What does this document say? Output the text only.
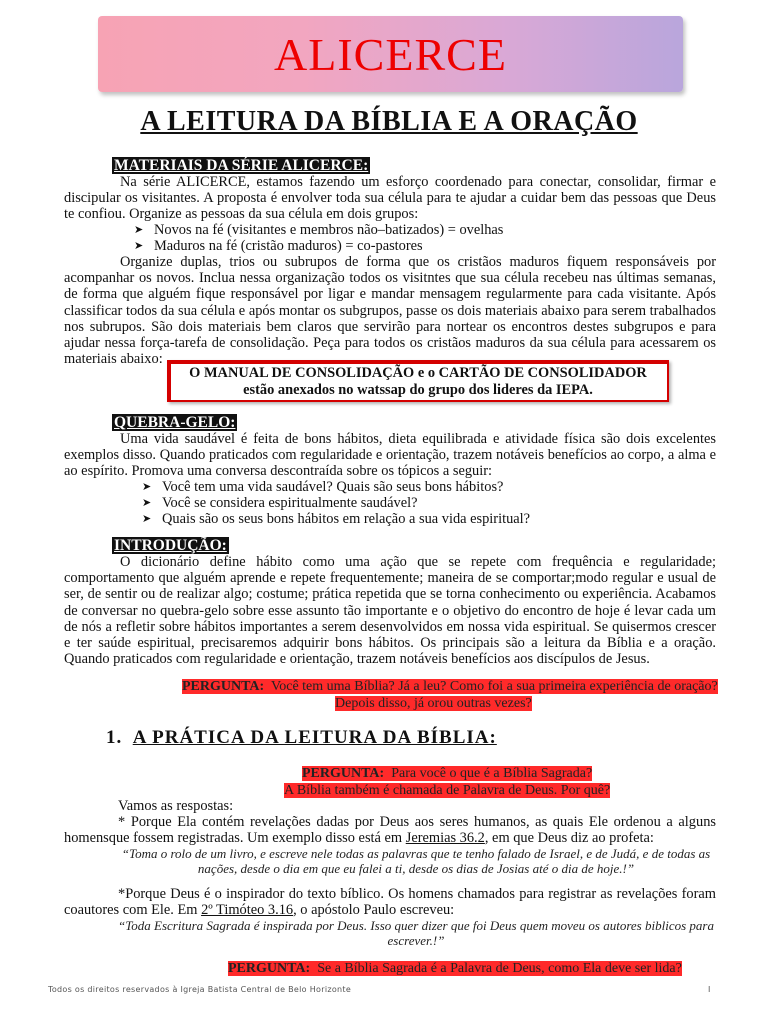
ALICERCE
A LEITURA DA BÍBLIA E A ORAÇÃO
MATERIAIS DA SÉRIE ALICERCE:

Na série ALICERCE, estamos fazendo um esforço coordenado para conectar, consolidar, firmar e discipular os visitantes. A proposta é envolver toda sua célula para te ajudar a cuidar bem das pessoas que Deus te confiou. Organize as pessoas da sua célula em dois grupos:

➤ Novos na fé (visitantes e membros não–batizados) = ovelhas
➤ Maduros na fé (cristão maduros) = co-pastores

Organize duplas, trios ou subrupos de forma que os cristãos maduros fiquem responsáveis por acompanhar os novos. Inclua nessa organização todos os visitntes que sua célula recebeu nas últimas semanas, de forma que alguém fique responsável por ligar e mandar mensagem regularmente para cada visitante. Após classificar todos da sua célula e após montar os subgrupos, passe os dois materiais abaixo para serem trabalhados nos subrupos. São dois materiais bem claros que servirão para nortear os encontros destes subgrupos e para ajudar nessa força-tarefa de consolidação. Peça para todos os cristãos maduros da sua célula para acessarem os materiais abaixo:

O MANUAL DE CONSOLIDAÇÃO e o CARTÃO DE CONSOLIDADOR
estão anexados no watssap do grupo dos lideres da IEPA.
QUEBRA-GELO:

Uma vida saudável é feita de bons hábitos, dieta equilibrada e atividade física são dois excelentes exemplos disso. Quando praticados com regularidade e orientação, trazem notáveis benefícios ao corpo, a alma e ao espírito. Promova uma conversa descontraída sobre os tópicos a seguir:

➤ Você tem uma vida saudável? Quais são seus bons hábitos?
➤ Você se considera espiritualmente saudável?
➤ Quais são os seus bons hábitos em relação a sua vida espiritual?
INTRODUÇÃO:

O dicionário define hábito como uma ação que se repete com frequência e regularidade; comportamento que alguém aprende e repete frequentemente; maneira de se comportar;modo regular e usual de ser, de sentir ou de realizar algo; costume; prática repetida que se torna conhecimento ou experiência. Acabamos de conversar no quebra-gelo sobre esse assunto tão importante e o objetivo do encontro de hoje é levar cada um de nós a refletir sobre hábitos importantes a serem desenvolvidos em nossa vida espiritual. Se quisermos crescer e ter saúde espiritual, precisaremos adquirir bons hábitos. Os principais são a leitura da Bíblia e a oração. Quando praticados com regularidade e orientação, trazem notáveis benefícios aos discípulos de Jesus.

PERGUNTA: Você tem uma Bíblia? Já a leu? Como foi a sua primeira experiência de oração?
Depois disso, já orou outras vezes?
1. A PRÁTICA DA LEITURA DA BÍBLIA:
PERGUNTA: Para você o que é a Bíblia Sagrada?
A Bíblia também é chamada de Palavra de Deus. Por quê?

Vamos as respostas:

* Porque Ela contém revelações dadas por Deus aos seres humanos, as quais Ele ordenou a alguns homensque fossem registradas. Um exemplo disso está em Jeremias 36.2, em que Deus diz ao profeta:

“Toma o rolo de um livro, e escreve nele todas as palavras que te tenho falado de Israel, e de Judá, e de todas as nações, desde o dia em que eu falei a ti, desde os dias de Josias até o dia de hoje.!”

*Porque Deus é o inspirador do texto bíblico. Os homens chamados para registrar as revelações foram coautores com Ele. Em 2º Timóteo 3.16, o apóstolo Paulo escreveu:

“Toda Escritura Sagrada é inspirada por Deus. Isso quer dizer que foi Deus quem moveu os autores biblicos para escrever.!”

PERGUNTA: Se a Bíblia Sagrada é a Palavra de Deus, como Ela deve ser lida?
Todos os direitos reservados à Igreja Batista Central de Belo Horizonte	I
